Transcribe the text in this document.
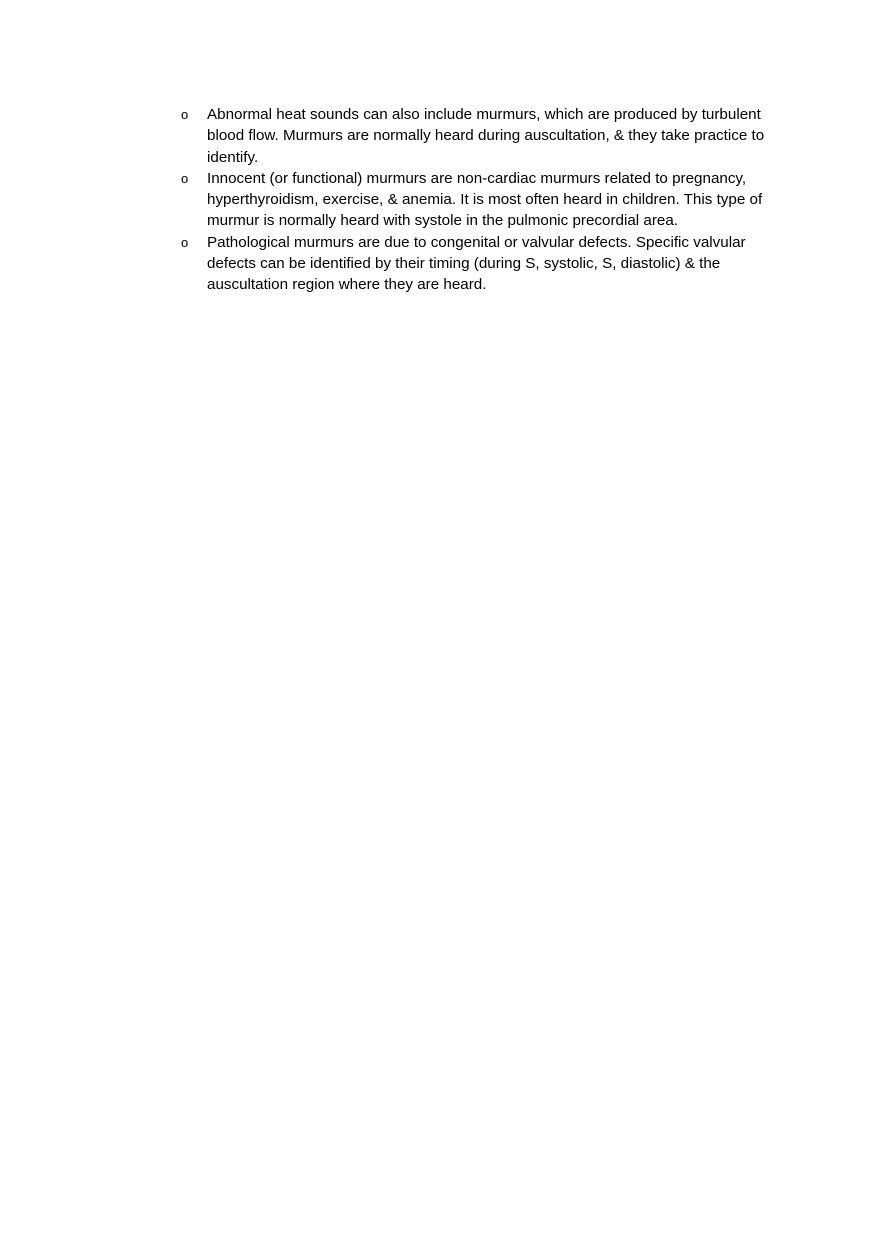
o	Abnormal heat sounds can also include murmurs, which are produced by turbulent blood flow. Murmurs are normally heard during auscultation, & they take practice to identify.
o	Innocent (or functional) murmurs are non-cardiac murmurs related to pregnancy, hyperthyroidism, exercise, & anemia. It is most often heard in children. This type of murmur is normally heard with systole in the pulmonic precordial area.
o	Pathological murmurs are due to congenital or valvular defects. Specific valvular defects can be identified by their timing (during S, systolic, S, diastolic) & the auscultation region where they are heard.
